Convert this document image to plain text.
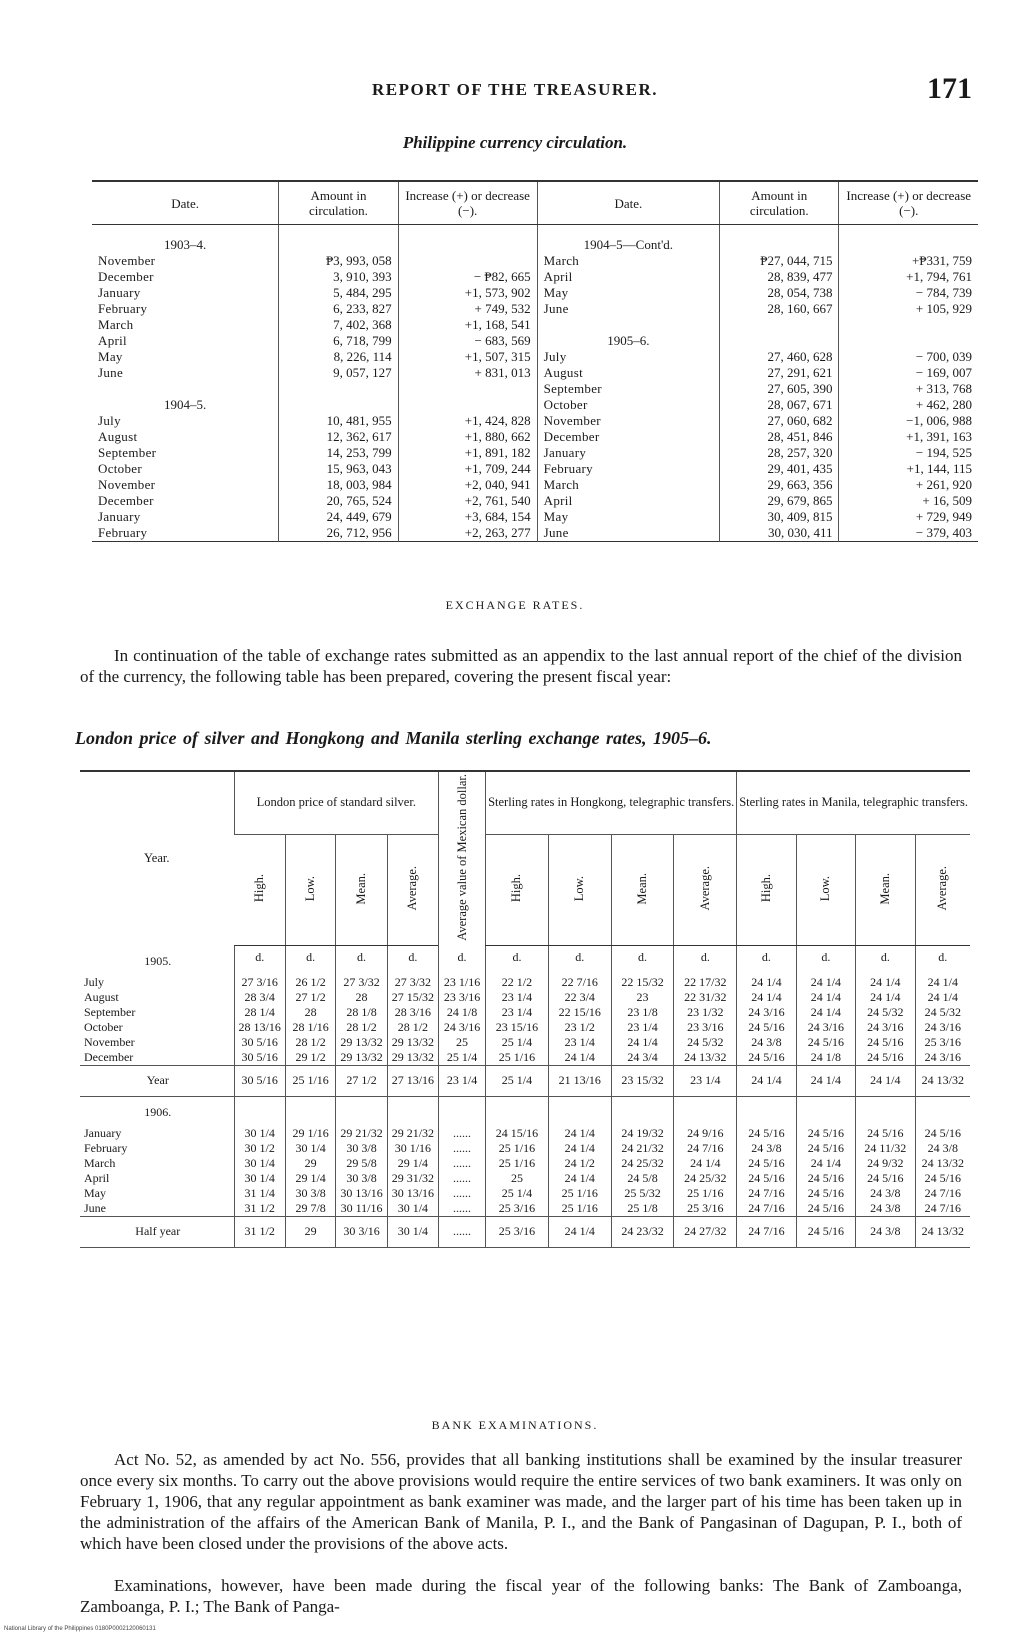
REPORT OF THE TREASURER.	171
Philippine currency circulation.
Date.	Amount in circulation.	Increase (+) or decrease (−).	Date.	Amount in circulation.	Increase (+) or decrease (−).
1903–4.			1904–5—Cont'd.		
November	₱3, 993, 058		March	₱27, 044, 715	+₱331, 759
December	3, 910, 393	− ₱82, 665	April	28, 839, 477	+1, 794, 761
January	5, 484, 295	+1, 573, 902	May	28, 054, 738	− 784, 739
February	6, 233, 827	+ 749, 532	June	28, 160, 667	+ 105, 929
March	7, 402, 368	+1, 168, 541			
April	6, 718, 799	− 683, 569	1905–6.		
May	8, 226, 114	+1, 507, 315	July	27, 460, 628	− 700, 039
June	9, 057, 127	+ 831, 013	August	27, 291, 621	− 169, 007
			September	27, 605, 390	+ 313, 768
1904–5.			October	28, 067, 671	+ 462, 280
July	10, 481, 955	+1, 424, 828	November	27, 060, 682	−1, 006, 988
August	12, 362, 617	+1, 880, 662	December	28, 451, 846	+1, 391, 163
September	14, 253, 799	+1, 891, 182	January	28, 257, 320	− 194, 525
October	15, 963, 043	+1, 709, 244	February	29, 401, 435	+1, 144, 115
November	18, 003, 984	+2, 040, 941	March	29, 663, 356	+ 261, 920
December	20, 765, 524	+2, 761, 540	April	29, 679, 865	+ 16, 509
January	24, 449, 679	+3, 684, 154	May	30, 409, 815	+ 729, 949
February	26, 712, 956	+2, 263, 277	June	30, 030, 411	− 379, 403
EXCHANGE RATES.
In continuation of the table of exchange rates submitted as an appendix to the last annual report of the chief of the division of the currency, the following table has been prepared, covering the present fiscal year:
London price of silver and Hongkong and Manila sterling exchange rates, 1905–6.
Year.	London price of standard silver.				Average value of Mexican dollar.	Sterling rates in Hongkong, telegraphic transfers.				Sterling rates in Manila, telegraphic transfers.			
	High.	Low.	Mean.	Average.		High.	Low.	Mean.	Average.	High.	Low.	Mean.	Average.
1905.	d.	d.	d.	d.	d.	d.	d.	d.	d.	d.	d.	d.	d.
July	27 3/16	26 1/2	27 3/32	27 3/32	23 1/16	22 1/2	22 7/16	22 15/32	22 17/32	24 1/4	24 1/4	24 1/4	24 1/4
August	28 3/4	27 1/2	28	27 15/32	23 3/16	23 1/4	22 3/4	23	22 31/32	24 1/4	24 1/4	24 1/4	24 1/4
September	28 1/4	28	28 1/8	28 3/16	24 1/8	23 1/4	22 15/16	23 1/8	23 1/32	24 3/16	24 1/4	24 5/32	24 5/32
October	28 13/16	28 1/16	28 1/2	28 1/2	24 3/16	23 15/16	23 1/2	23 1/4	23 3/16	24 5/16	24 3/16	24 3/16	24 3/16
November	30 5/16	28 1/2	29 13/32	29 13/32	25	25 1/4	23 1/4	24 1/4	24 5/32	24 3/8	24 5/16	24 5/16	25 3/16
December	30 5/16	29 1/2	29 13/32	29 13/32	25 1/4	25 1/16	24 1/4	24 3/4	24 13/32	24 5/16	24 1/8	24 5/16	24 3/16
Year	30 5/16	25 1/16	27 1/2	27 13/16	23 1/4	25 1/4	21 13/16	23 15/32	23 1/4	24 1/4	24 1/4	24 1/4	24 13/32
1906.													
January	30 1/4	29 1/16	29 21/32	29 21/32	......	24 15/16	24 1/4	24 19/32	24 9/16	24 5/16	24 5/16	24 5/16	24 5/16
February	30 1/2	30 1/4	30 3/8	30 1/16	......	25 1/16	24 1/4	24 21/32	24 7/16	24 3/8	24 5/16	24 11/32	24 3/8
March	30 1/4	29	29 5/8	29 1/4	......	25 1/16	24 1/2	24 25/32	24 1/4	24 5/16	24 1/4	24 9/32	24 13/32
April	30 1/4	29 1/4	30 3/8	29 31/32	......	25	24 1/4	24 5/8	24 25/32	24 5/16	24 5/16	24 5/16	24 5/16
May	31 1/4	30 3/8	30 13/16	30 13/16	......	25 1/4	25 1/16	25 5/32	25 1/16	24 7/16	24 5/16	24 3/8	24 7/16
June	31 1/2	29 7/8	30 11/16	30 1/4	......	25 3/16	25 1/16	25 1/8	25 3/16	24 7/16	24 5/16	24 3/8	24 7/16
Half year	31 1/2	29	30 3/16	30 1/4	......	25 3/16	24 1/4	24 23/32	24 27/32	24 7/16	24 5/16	24 3/8	24 13/32
BANK EXAMINATIONS.
Act No. 52, as amended by act No. 556, provides that all banking institutions shall be examined by the insular treasurer once every six months. To carry out the above provisions would require the entire services of two bank examiners. It was only on February 1, 1906, that any regular appointment as bank examiner was made, and the larger part of his time has been taken up in the administration of the affairs of the American Bank of Manila, P. I., and the Bank of Pangasinan of Dagupan, P. I., both of which have been closed under the provisions of the above acts.
Examinations, however, have been made during the fiscal year of the following banks: The Bank of Zamboanga, Zamboanga, P. I.; The Bank of Panga-
National Library of the Philippines 0180P0002120060131
